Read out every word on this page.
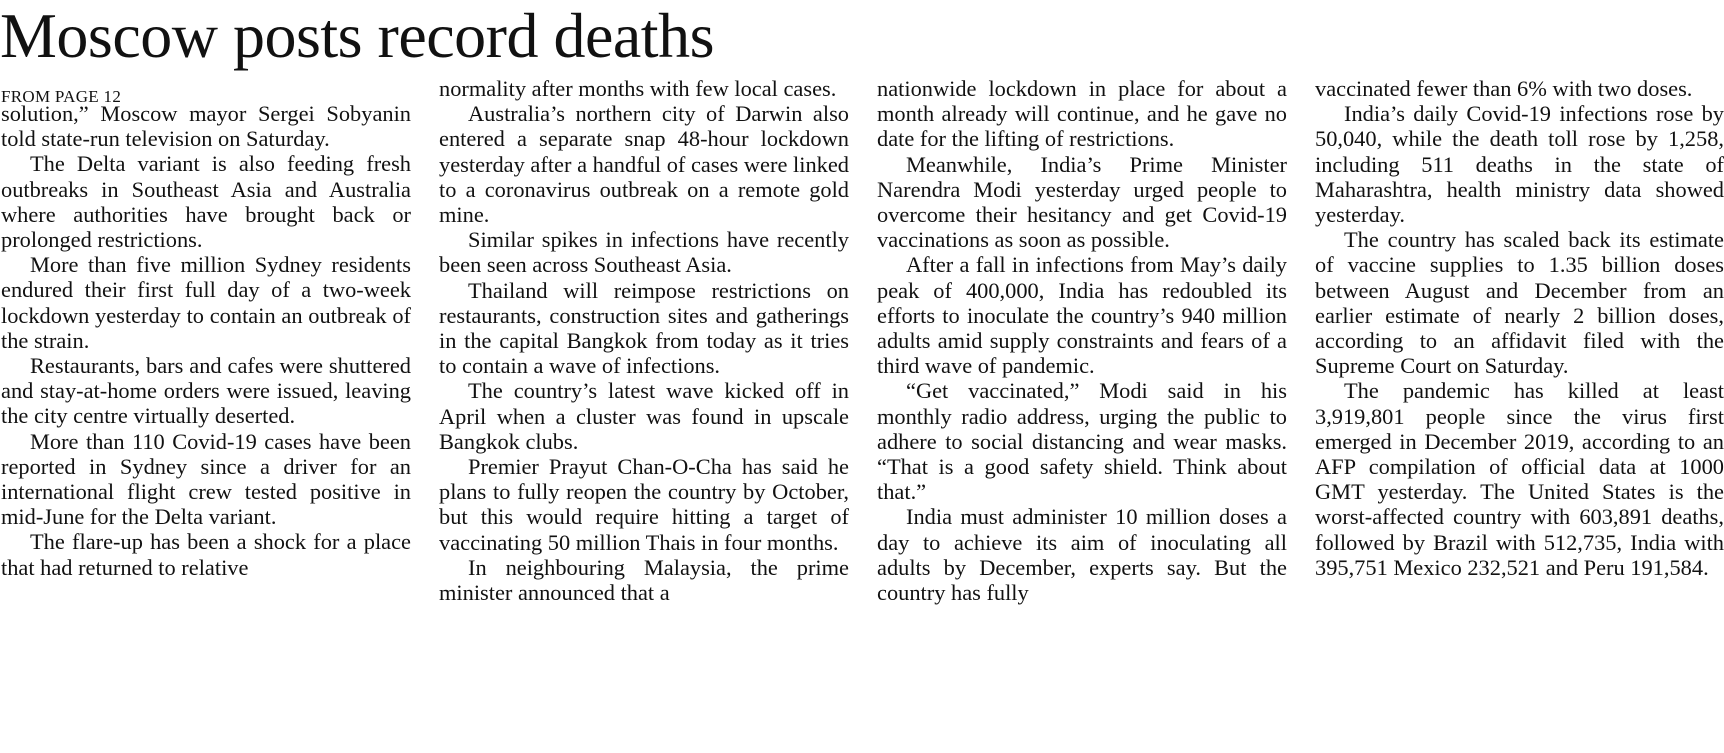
Moscow posts record deaths
FROM PAGE 12

solution,” Moscow mayor Sergei Sobyanin told state-run television on Saturday.

The Delta variant is also feeding fresh outbreaks in Southeast Asia and Australia where authorities have brought back or prolonged restrictions.

More than five million Sydney residents endured their first full day of a two-week lockdown yesterday to contain an outbreak of the strain.

Restaurants, bars and cafes were shuttered and stay-at-home orders were issued, leaving the city centre virtually deserted.

More than 110 Covid-19 cases have been reported in Sydney since a driver for an international flight crew tested positive in mid-June for the Delta variant.

The flare-up has been a shock for a place that had returned to relative

normality after months with few local cases.

Australia’s northern city of Darwin also entered a separate snap 48-hour lockdown yesterday after a handful of cases were linked to a coronavirus outbreak on a remote gold mine.

Similar spikes in infections have recently been seen across Southeast Asia.

Thailand will reimpose restrictions on restaurants, construction sites and gatherings in the capital Bangkok from today as it tries to contain a wave of infections.

The country’s latest wave kicked off in April when a cluster was found in upscale Bangkok clubs.

Premier Prayut Chan-O-Cha has said he plans to fully reopen the country by October, but this would require hitting a target of vaccinating 50 million Thais in four months.

In neighbouring Malaysia, the prime minister announced that a

nationwide lockdown in place for about a month already will continue, and he gave no date for the lifting of restrictions.

Meanwhile, India’s Prime Minister Narendra Modi yesterday urged people to overcome their hesitancy and get Covid-19 vaccinations as soon as possible.

After a fall in infections from May’s daily peak of 400,000, India has redoubled its efforts to inoculate the country’s 940 million adults amid supply constraints and fears of a third wave of pandemic.

“Get vaccinated,” Modi said in his monthly radio address, urging the public to adhere to social distancing and wear masks. “That is a good safety shield. Think about that.”

India must administer 10 million doses a day to achieve its aim of inoculating all adults by December, experts say. But the country has fully

vaccinated fewer than 6% with two doses.

India’s daily Covid-19 infections rose by 50,040, while the death toll rose by 1,258, including 511 deaths in the state of Maharashtra, health ministry data showed yesterday.

The country has scaled back its estimate of vaccine supplies to 1.35 billion doses between August and December from an earlier estimate of nearly 2 billion doses, according to an affidavit filed with the Supreme Court on Saturday.

The pandemic has killed at least 3,919,801 people since the virus first emerged in December 2019, according to an AFP compilation of official data at 1000 GMT yesterday. The United States is the worst-affected country with 603,891 deaths, followed by Brazil with 512,735, India with 395,751 Mexico 232,521 and Peru 191,584.
